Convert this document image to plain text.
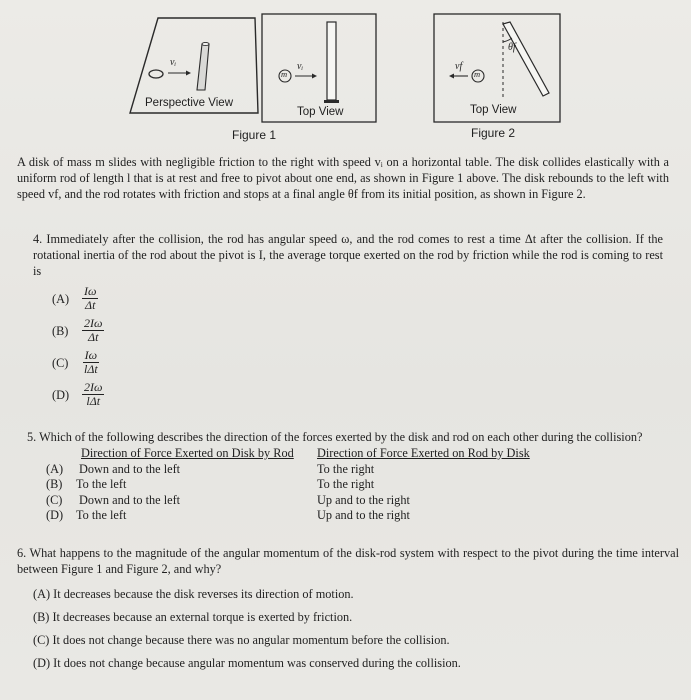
vᵢ
Perspective View
m
vᵢ
Top View
m
vf
θf
Top View
Figure 1	Figure 2
A disk of mass m slides with negligible friction to the right with speed vᵢ on a horizontal table. The disk collides elastically with a uniform rod of length l that is at rest and free to pivot about one end, as shown in Figure 1 above. The disk rebounds to the left with speed vf, and the rod rotates with friction and stops at a final angle θf from its initial position, as shown in Figure 2.
4. Immediately after the collision, the rod has angular speed ω, and the rod comes to rest a time Δt after the collision. If the rotational inertia of the rod about the pivot is I, the average torque exerted on the rod by friction while the rod is coming to rest is
$(A) \frac{I\omega}{\Delta t}$
$(B) \frac{2I\omega}{\Delta t}$
$(C) \frac{I\omega}{\text{lΔt}}$
$(D) \frac{2I\omega}{\text{lΔt}}$
5. Which of the following describes the direction of the forces exerted by the disk and rod on each other during the collision?
Direction of Force Exerted on Disk by Rod Direction of Force Exerted on Rod by Disk
(A) Down and to the left	To the right
(B) To the left	To the right
(C) Down and to the left	Up and to the right
(D) To the left	Up and to the right
6. What happens to the magnitude of the angular momentum of the disk-rod system with respect to the pivot during the time interval between Figure 1 and Figure 2, and why?
(A) It decreases because the disk reverses its direction of motion.
(B) It decreases because an external torque is exerted by friction.
(C) It does not change because there was no angular momentum before the collision.
(D) It does not change because angular momentum was conserved during the collision.
